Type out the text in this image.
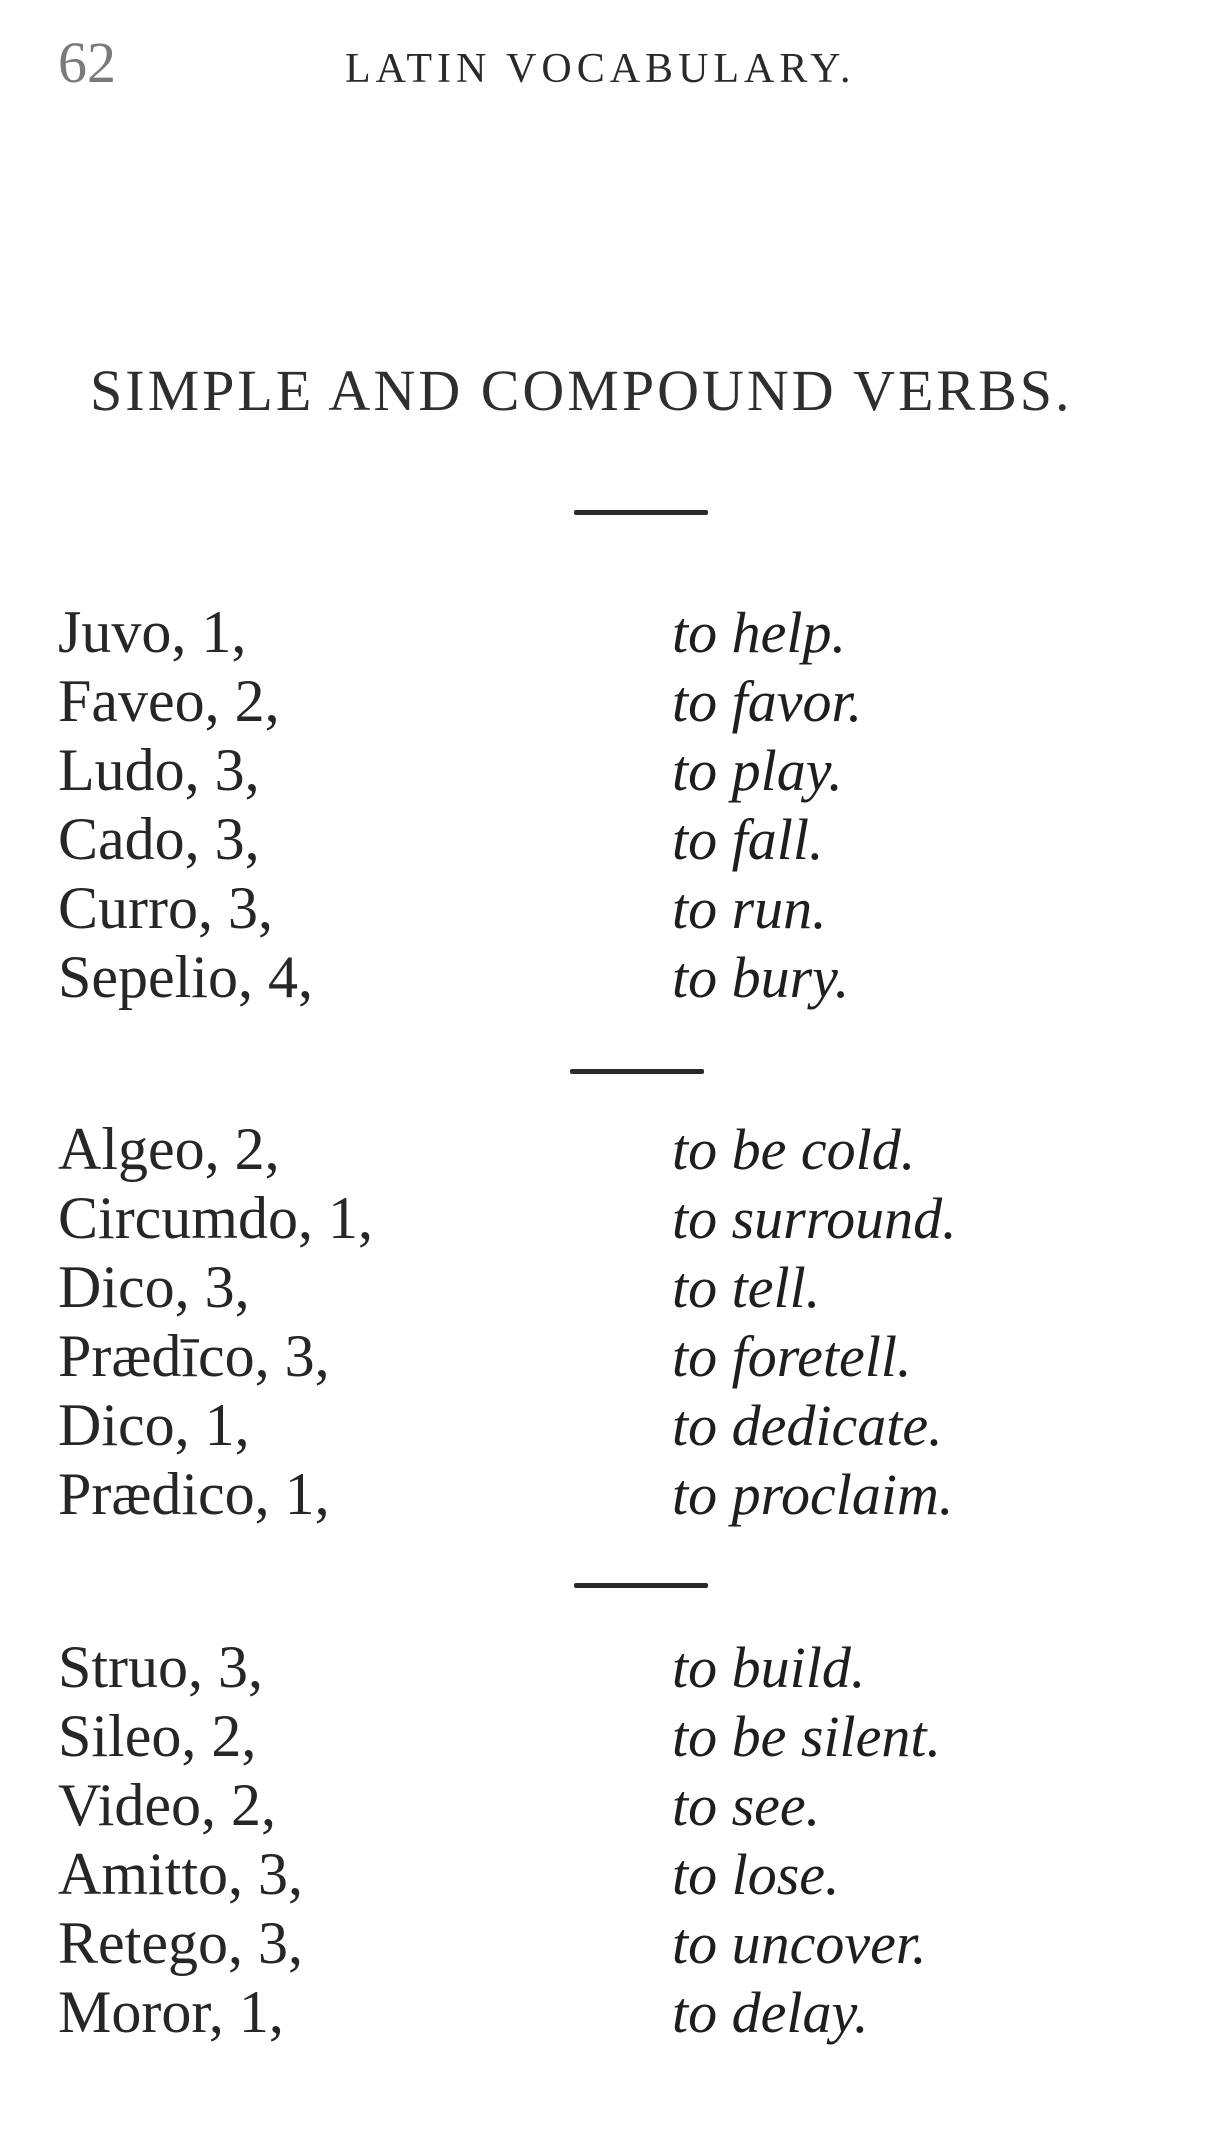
62	LATIN VOCABULARY.
SIMPLE AND COMPOUND VERBS.
Juvo, 1,	to help.
Faveo, 2,	to favor.
Ludo, 3,	to play.
Cado, 3,	to fall.
Curro, 3,	to run.
Sepelio, 4,	to bury.
Algeo, 2,	to be cold.
Circumdo, 1,	to surround.
Dico, 3,	to tell.
Prædīco, 3,	to foretell.
Dico, 1,	to dedicate.
Prædico, 1,	to proclaim.
Struo, 3,	to build.
Sileo, 2,	to be silent.
Video, 2,	to see.
Amitto, 3,	to lose.
Retego, 3,	to uncover.
Moror, 1,	to delay.
